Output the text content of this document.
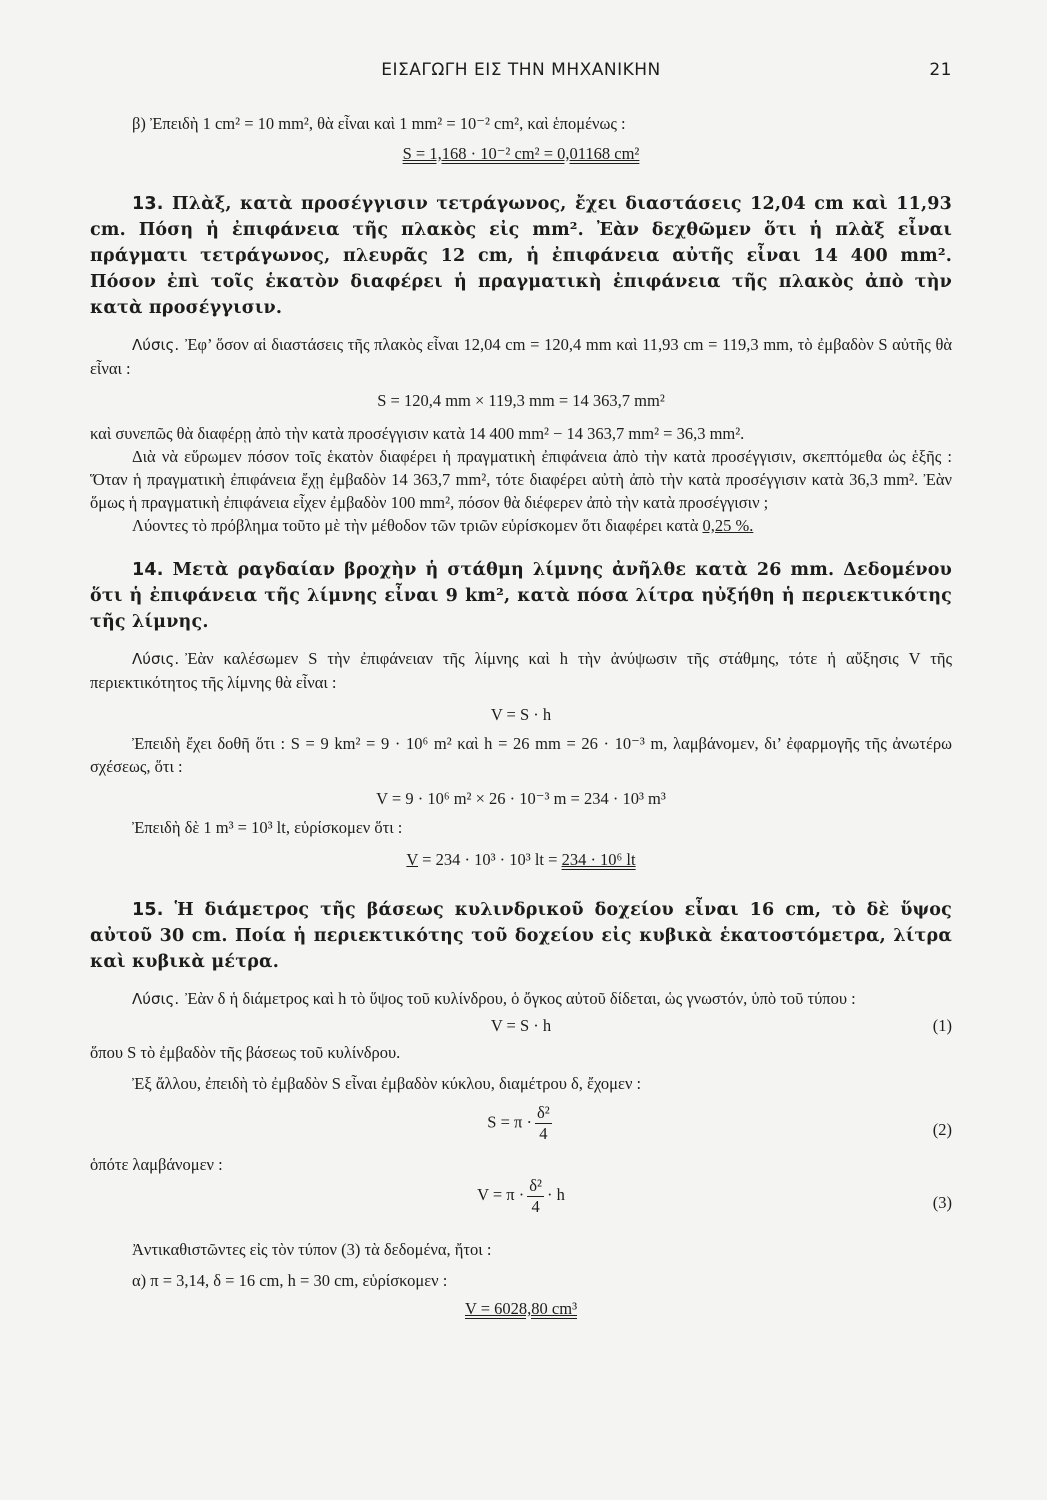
ΕΙΣΑΓΩΓΗ ΕΙΣ ΤΗΝ ΜΗΧΑΝΙΚΗΝ	21

β) Ἐπειδὴ 1 cm² = 10 mm², θὰ εἶναι καὶ 1 mm² = 10⁻² cm², καὶ ἑπομένως :

S = 1,168 · 10⁻² cm² = 0,01168 cm²

13. Πλὰξ, κατὰ προσέγγισιν τετράγωνος, ἔχει διαστάσεις 12,04 cm καὶ 11,93 cm. Πόση ἡ ἐπιφάνεια τῆς πλακὸς εἰς mm². Ἐὰν δεχθῶμεν ὅτι ἡ πλὰξ εἶναι πράγματι τετράγωνος, πλευρᾶς 12 cm, ἡ ἐπιφάνεια αὐτῆς εἶναι 14 400 mm². Πόσον ἐπὶ τοῖς ἑκατὸν διαφέρει ἡ πραγματικὴ ἐπιφάνεια τῆς πλακὸς ἀπὸ τὴν κατὰ προσέγγισιν.

Λύσις. Ἐφ’ ὅσον αἱ διαστάσεις τῆς πλακὸς εἶναι 12,04 cm = 120,4 mm καὶ 11,93 cm = 119,3 mm, τὸ ἐμβαδὸν S αὐτῆς θὰ εἶναι :

S = 120,4 mm × 119,3 mm = 14 363,7 mm²

καὶ συνεπῶς θὰ διαφέρῃ ἀπὸ τὴν κατὰ προσέγγισιν κατὰ 14 400 mm² − 14 363,7 mm² = 36,3 mm².

Διὰ νὰ εὕρωμεν πόσον τοῖς ἑκατὸν διαφέρει ἡ πραγματικὴ ἐπιφάνεια ἀπὸ τὴν κατὰ προσέγγισιν, σκεπτόμεθα ὡς ἑξῆς : Ὅταν ἡ πραγματικὴ ἐπιφάνεια ἔχῃ ἐμβαδὸν 14 363,7 mm², τότε διαφέρει αὐτὴ ἀπὸ τὴν κατὰ προσέγγισιν κατὰ 36,3 mm². Ἐὰν ὅμως ἡ πραγματικὴ ἐπιφάνεια εἶχεν ἐμβαδὸν 100 mm², πόσον θὰ διέφερεν ἀπὸ τὴν κατὰ προσέγγισιν ;

Λύοντες τὸ πρόβλημα τοῦτο μὲ τὴν μέθοδον τῶν τριῶν εὑρίσκομεν ὅτι διαφέρει κατὰ 0,25 %.

14. Μετὰ ραγδαίαν βροχὴν ἡ στάθμη λίμνης ἀνῆλθε κατὰ 26 mm. Δεδομένου ὅτι ἡ ἐπιφάνεια τῆς λίμνης εἶναι 9 km², κατὰ πόσα λίτρα ηὐξήθη ἡ περιεκτικότης τῆς λίμνης.

Λύσις. Ἐὰν καλέσωμεν S τὴν ἐπιφάνειαν τῆς λίμνης καὶ h τὴν ἀνύψωσιν τῆς στάθμης, τότε ἡ αὔξησις V τῆς περιεκτικότητος τῆς λίμνης θὰ εἶναι :

V = S · h

Ἐπειδὴ ἔχει δοθῆ ὅτι : S = 9 km² = 9 · 10⁶ m² καὶ h = 26 mm = 26 · 10⁻³ m, λαμβάνομεν, δι’ ἐφαρμογῆς τῆς ἀνωτέρω σχέσεως, ὅτι :

V = 9 · 10⁶ m² × 26 · 10⁻³ m = 234 · 10³ m³

Ἐπειδὴ δὲ 1 m³ = 10³ lt, εὑρίσκομεν ὅτι :

V = 234 · 10³ · 10³ lt = 234 · 10⁶ lt

15. Ἡ διάμετρος τῆς βάσεως κυλινδρικοῦ δοχείου εἶναι 16 cm, τὸ δὲ ὕψος αὐτοῦ 30 cm. Ποία ἡ περιεκτικότης τοῦ δοχείου εἰς κυβικὰ ἑκατοστόμετρα, λίτρα καὶ κυβικὰ μέτρα.

Λύσις. Ἐὰν δ ἡ διάμετρος καὶ h τὸ ὕψος τοῦ κυλίνδρου, ὁ ὄγκος αὐτοῦ δίδεται, ὡς γνωστόν, ὑπὸ τοῦ τύπου :

V = S · h	(1)

ὅπου S τὸ ἐμβαδὸν τῆς βάσεως τοῦ κυλίνδρου.

Ἐξ ἄλλου, ἐπειδὴ τὸ ἐμβαδὸν S εἶναι ἐμβαδὸν κύκλου, διαμέτρου δ, ἔχομεν :

$S = \pi \cdot \frac{\text{δ²}}{4}$	(2)

ὁπότε λαμβάνομεν :

$V = \pi \cdot \frac{\text{δ²}}{4} \cdot h$	(3)

Ἀντικαθιστῶντες εἰς τὸν τύπον (3) τὰ δεδομένα, ἤτοι :

α) π = 3,14, δ = 16 cm, h = 30 cm, εὑρίσκομεν :

V = 6028,80 cm³
